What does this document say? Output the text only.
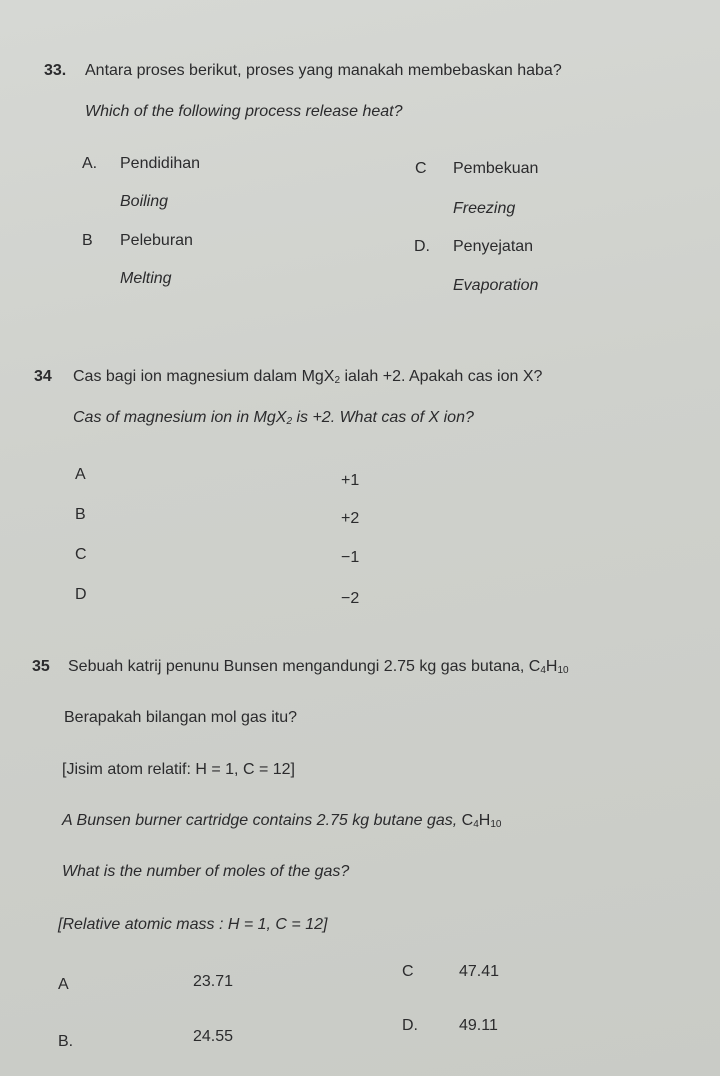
33. Antara proses berikut, proses yang manakah membebaskan haba?
Which of the following process release heat?
A. Pendidihan
Boiling
B Peleburan
Melting
C Pembekuan
Freezing
D. Penyejatan
Evaporation
34 Cas bagi ion magnesium dalam MgX$_2$ ialah +2. Apakah cas ion X?
Cas of magnesium ion in MgX$_2$ is +2. What cas of X ion?
A	+1
B	+2
C	−1
D	−2
35 Sebuah katrij penunu Bunsen mengandungi 2.75 kg gas butana, $C_4H_{10}$
Berapakah bilangan mol gas itu?
[Jisim atom relatif: H = 1, C = 12]
A Bunsen burner cartridge contains 2.75 kg butane gas, $C_4H_{10}$
What is the number of moles of the gas?
[Relative atomic mass : H = 1, C = 12]
A	23.71
B.	24.55
C	47.41
D.	49.11
